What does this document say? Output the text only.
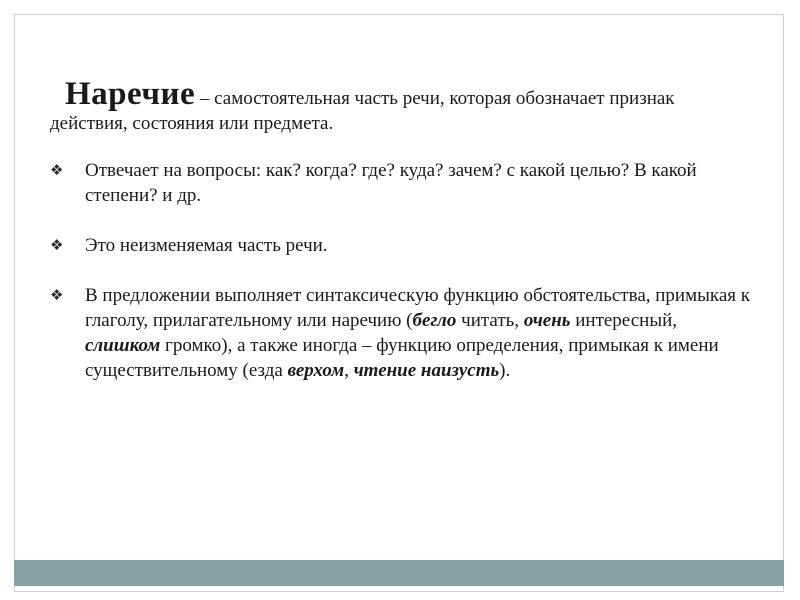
Наречие – самостоятельная часть речи, которая обозначает признак действия, состояния или предмета.

❖ Отвечает на вопросы: как? когда? где? куда? зачем? с какой целью? В какой степени? и др.
❖ Это неизменяемая часть речи.
❖ В предложении выполняет синтаксическую функцию обстоятельства, примыкая к глаголу, прилагательному или наречию (бегло читать, очень интересный, слишком громко), а также иногда – функцию определения, примыкая к имени существительному (езда верхом, чтение наизусть).
